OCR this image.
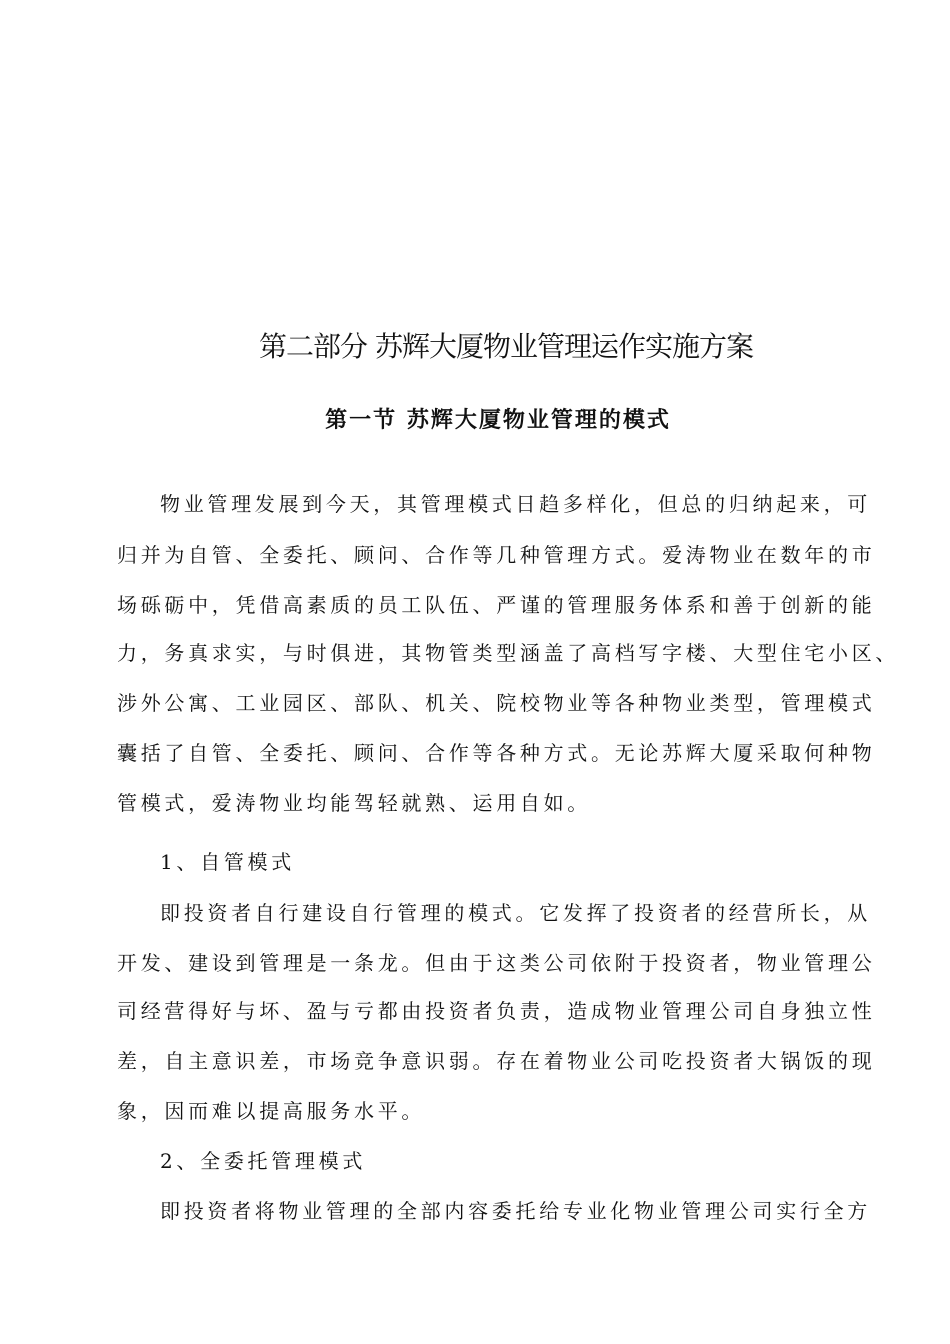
第二部分 苏辉大厦物业管理运作实施方案
第一节 苏辉大厦物业管理的模式
物业管理发展到今天，其管理模式日趋多样化，但总的归纳起来，可
归并为自管、全委托、顾问、合作等几种管理方式。爱涛物业在数年的市
场砾砺中，凭借高素质的员工队伍、严谨的管理服务体系和善于创新的能
力，务真求实，与时俱进，其物管类型涵盖了高档写字楼、大型住宅小区、
涉外公寓、工业园区、部队、机关、院校物业等各种物业类型，管理模式
囊括了自管、全委托、顾问、合作等各种方式。无论苏辉大厦采取何种物
管模式，爱涛物业均能驾轻就熟、运用自如。
1、自管模式
即投资者自行建设自行管理的模式。它发挥了投资者的经营所长，从
开发、建设到管理是一条龙。但由于这类公司依附于投资者，物业管理公
司经营得好与坏、盈与亏都由投资者负责，造成物业管理公司自身独立性
差，自主意识差，市场竞争意识弱。存在着物业公司吃投资者大锅饭的现
象，因而难以提高服务水平。
2、全委托管理模式
即投资者将物业管理的全部内容委托给专业化物业管理公司实行全方
